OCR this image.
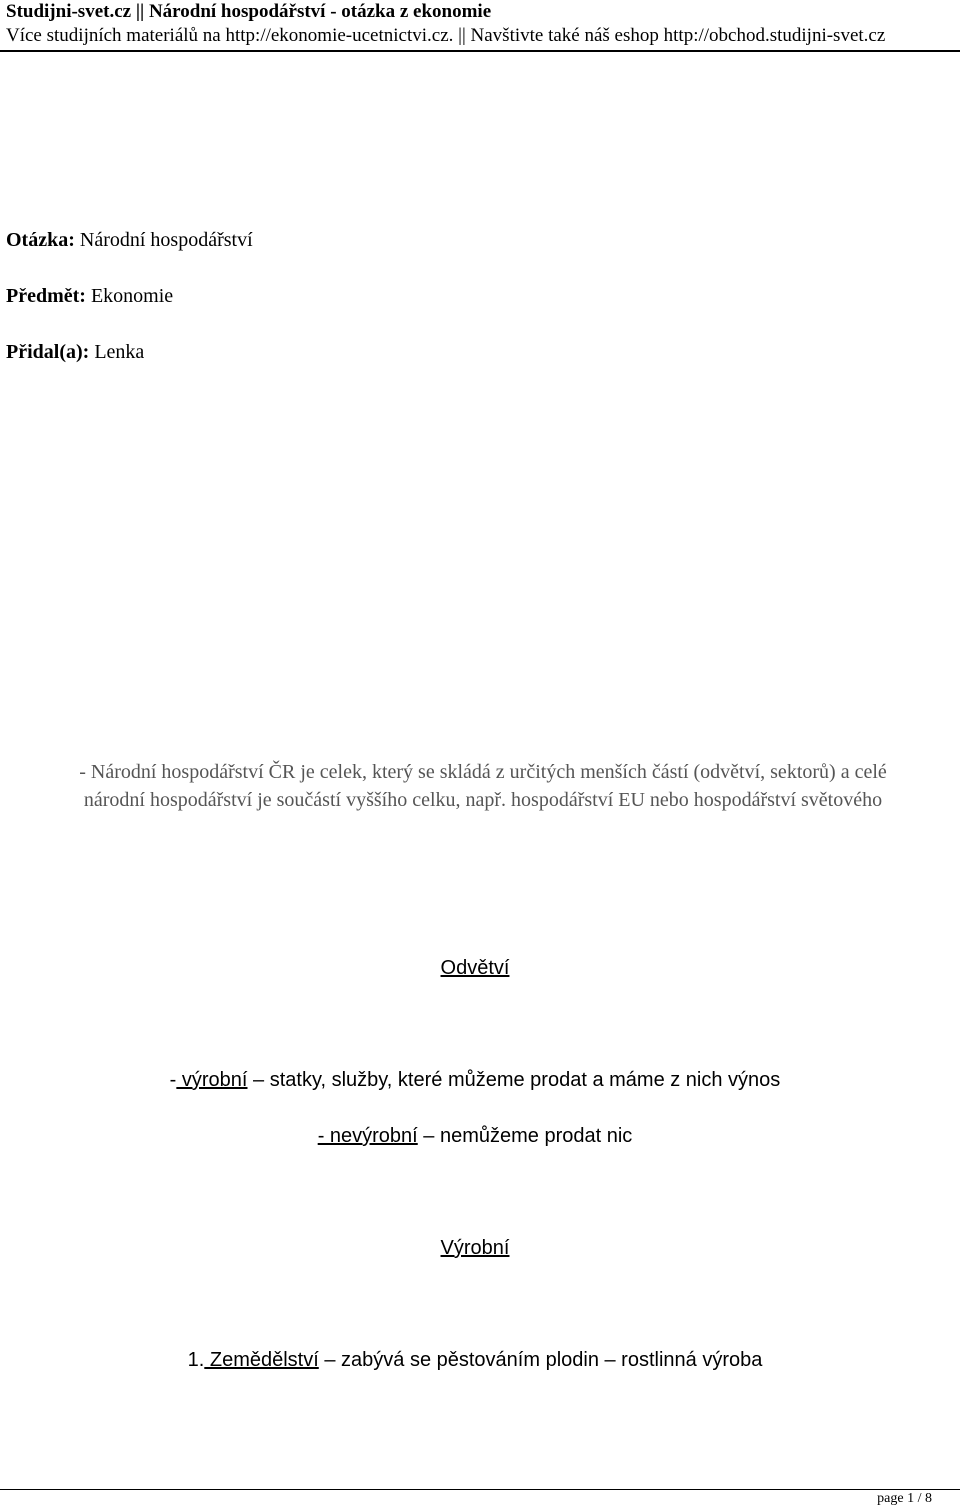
Studijni-svet.cz || Národní hospodářství - otázka z ekonomie
Více studijních materiálů na http://ekonomie-ucetnictvi.cz. || Navštivte také náš eshop http://obchod.studijni-svet.cz
Otázka: Národní hospodářství
Předmět: Ekonomie
Přidal(a): Lenka
- Národní hospodářství ČR je celek, který se skládá z určitých menších částí (odvětví, sektorů) a celé
národní hospodářství je součástí vyššího celku, např. hospodářství EU nebo hospodářství světového
Odvětví
- výrobní – statky, služby, které můžeme prodat a máme z nich výnos
- nevýrobní – nemůžeme prodat nic
Výrobní
1. Zemědělství – zabývá se pěstováním plodin – rostlinná výroba
page 1 / 8
